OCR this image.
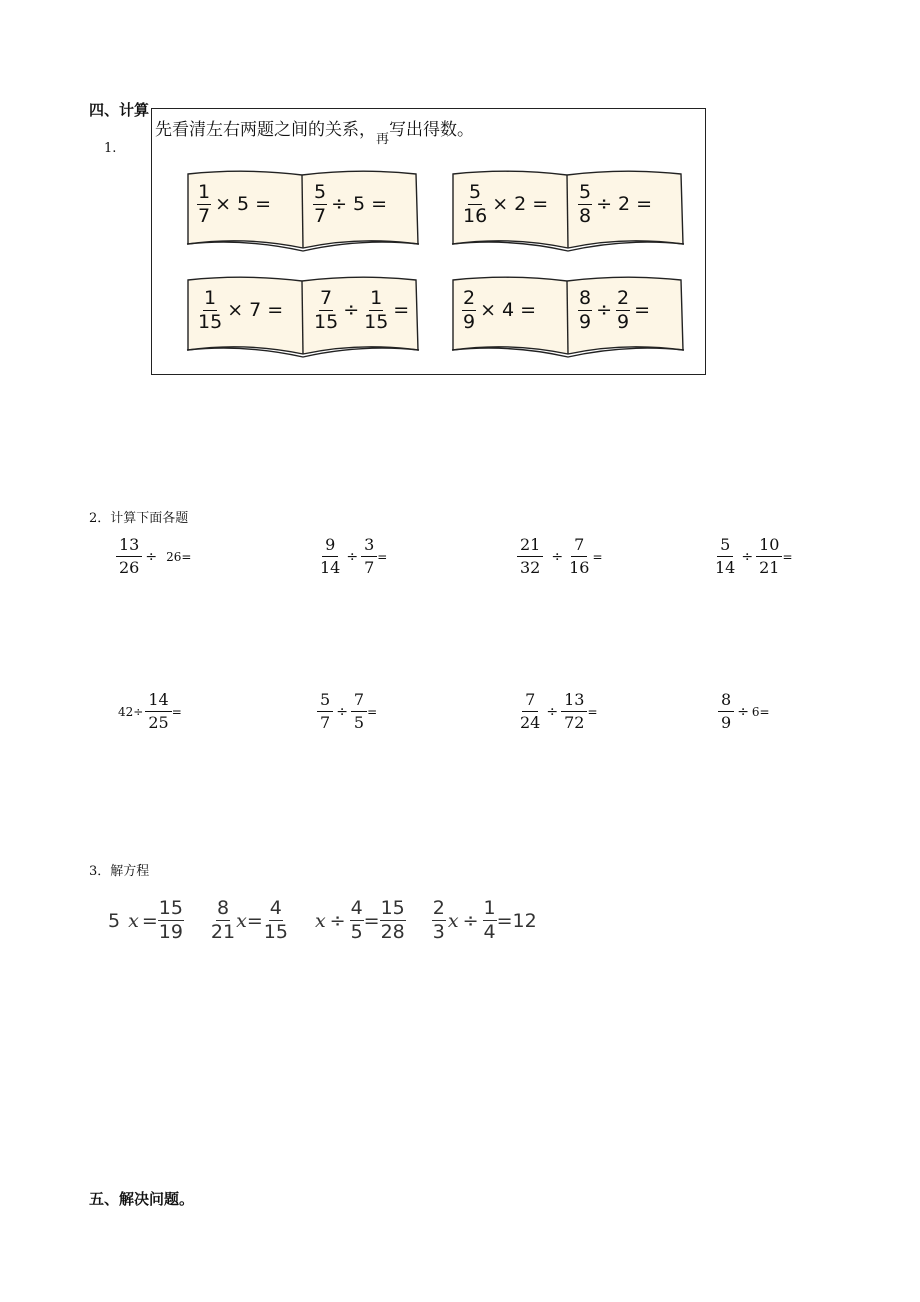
四、计算
1.
先看清左右两题之间的关系，$_再$写出得数。
$\frac{1}{7} \times 5 = \frac{5}{7} \div 5$ =	$\frac{5}{16} \times 2 = \frac{5}{8} \div 2$ =
$\frac{1}{15} \times 7 = \frac{7}{15} \div \frac{1}{15}$ =	$\frac{2}{9} \times 4 = \frac{8}{9} \div \frac{2}{9}$ =
2．计算下面各题
$\frac{13}{26} \div 26=$	$\frac{9}{14} \div \frac{3}{7}$ =	$\frac{21}{32} \div \frac{7}{16}$ =	$\frac{5}{14} \div \frac{10}{21}$ =
$42\div \frac{14}{25}$ =	$\frac{5}{7} \div \frac{7}{5}$ =	$\frac{7}{24} \div \frac{13}{72}$ =	$\frac{8}{9} \div 6=$
3．解方程
5 $x = \frac{15}{19} \frac{8}{21}$ $x = \frac{4}{15}$ $x \div \frac{4}{5} = \frac{15}{28} \frac{2}{3}$ $x \div \frac{1}{4} = 12$
五、解决问题。
